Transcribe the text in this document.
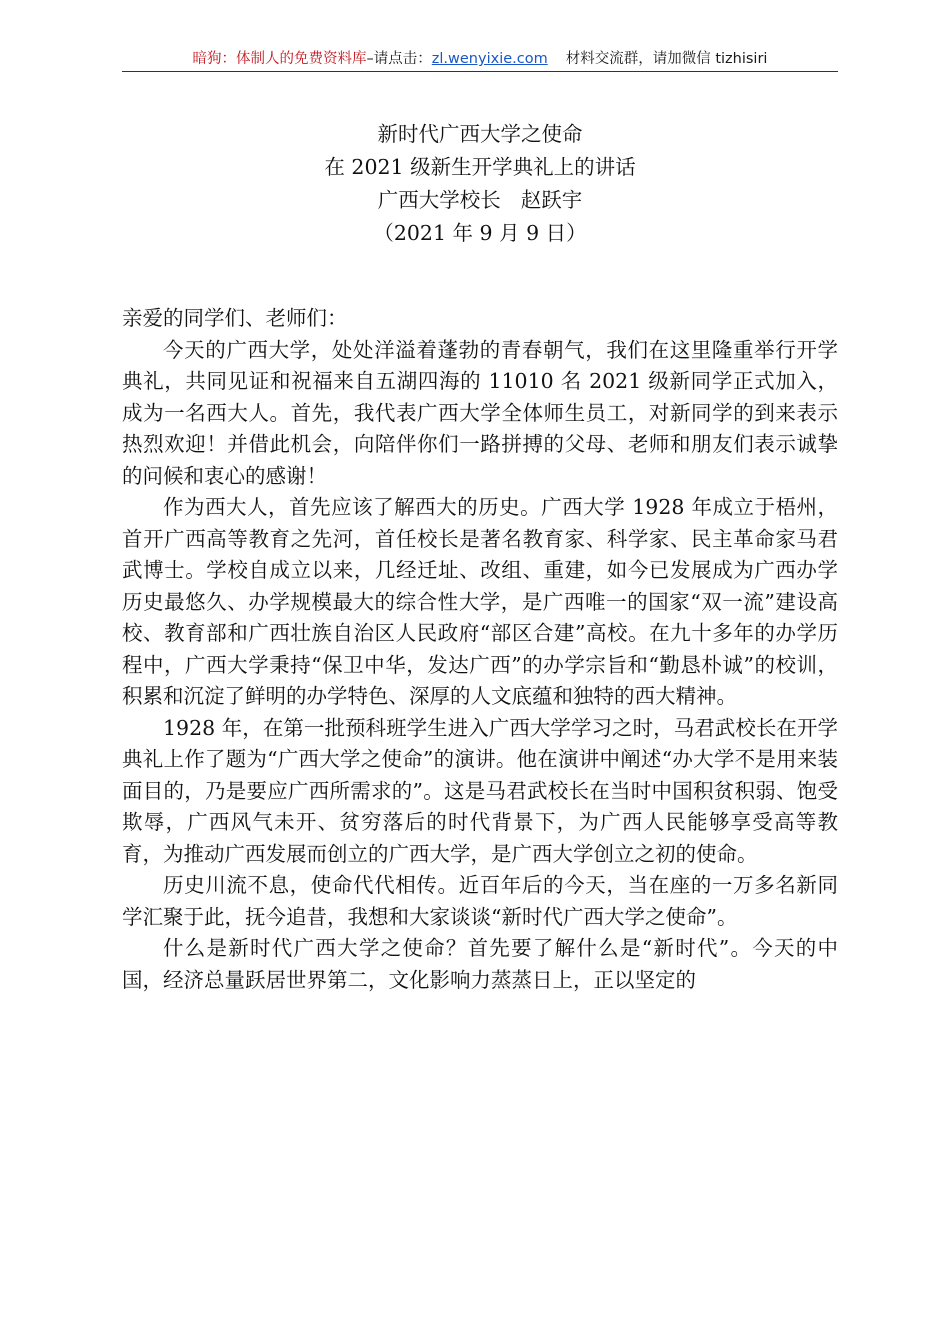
暗狗：体制人的免费资料库–请点击：zl.wenyixie.com 材料交流群，请加微信 tizhisiri
新时代广西大学之使命
在 2021 级新生开学典礼上的讲话
广西大学校长 赵跃宇
（2021 年 9 月 9 日）

亲爱的同学们、老师们：

今天的广西大学，处处洋溢着蓬勃的青春朝气，我们在这里隆重举行开学典礼，共同见证和祝福来自五湖四海的 11010 名 2021 级新同学正式加入，成为一名西大人。首先，我代表广西大学全体师生员工，对新同学的到来表示热烈欢迎！并借此机会，向陪伴你们一路拼搏的父母、老师和朋友们表示诚挚的问候和衷心的感谢！

作为西大人，首先应该了解西大的历史。广西大学 1928 年成立于梧州，首开广西高等教育之先河，首任校长是著名教育家、科学家、民主革命家马君武博士。学校自成立以来，几经迁址、改组、重建，如今已发展成为广西办学历史最悠久、办学规模最大的综合性大学，是广西唯一的国家“双一流”建设高校、教育部和广西壮族自治区人民政府“部区合建”高校。在九十多年的办学历程中，广西大学秉持“保卫中华，发达广西”的办学宗旨和“勤恳朴诚”的校训，积累和沉淀了鲜明的办学特色、深厚的人文底蕴和独特的西大精神。

1928 年，在第一批预科班学生进入广西大学学习之时，马君武校长在开学典礼上作了题为“广西大学之使命”的演讲。他在演讲中阐述“办大学不是用来装面目的，乃是要应广西所需求的”。这是马君武校长在当时中国积贫积弱、饱受欺辱，广西风气未开、贫穷落后的时代背景下，为广西人民能够享受高等教育，为推动广西发展而创立的广西大学，是广西大学创立之初的使命。

历史川流不息，使命代代相传。近百年后的今天，当在座的一万多名新同学汇聚于此，抚今追昔，我想和大家谈谈“新时代广西大学之使命”。

什么是新时代广西大学之使命？首先要了解什么是“新时代”。今天的中国，经济总量跃居世界第二，文化影响力蒸蒸日上，正以坚定的
